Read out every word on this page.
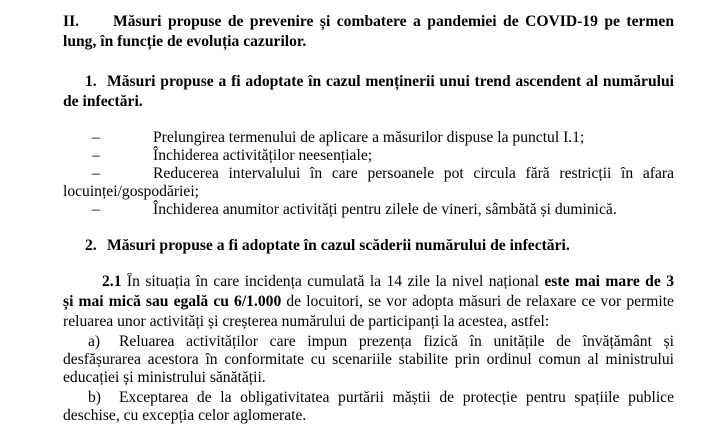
II. Măsuri propuse de prevenire și combatere a pandemiei de COVID-19 pe termen
lung, în funcție de evoluția cazurilor.
1. Măsuri propuse a fi adoptate în cazul menținerii unui trend ascendent al numărului
de infectări.
–	Prelungirea termenului de aplicare a măsurilor dispuse la punctul I.1;
–	Închiderea activităților neesențiale;
–	Reducerea intervalului în care persoanele pot circula fără restricții în afara
locuinței/gospodăriei;
–	Închiderea anumitor activități pentru zilele de vineri, sâmbătă și duminică.
2. Măsuri propuse a fi adoptate în cazul scăderii numărului de infectări.
2.1 În situația în care incidența cumulată la 14 zile la nivel național este mai mare de 3
și mai mică sau egală cu 6/1.000 de locuitori, se vor adopta măsuri de relaxare ce vor permite
reluarea unor activități și creșterea numărului de participanți la acestea, astfel:
a) Reluarea activităților care impun prezența fizică în unitățile de învățământ și
desfășurarea acestora în conformitate cu scenariile stabilite prin ordinul comun al ministrului
educației și ministrului sănătății.
b) Exceptarea de la obligativitatea purtării măștii de protecție pentru spațiile publice
deschise, cu excepția celor aglomerate.
